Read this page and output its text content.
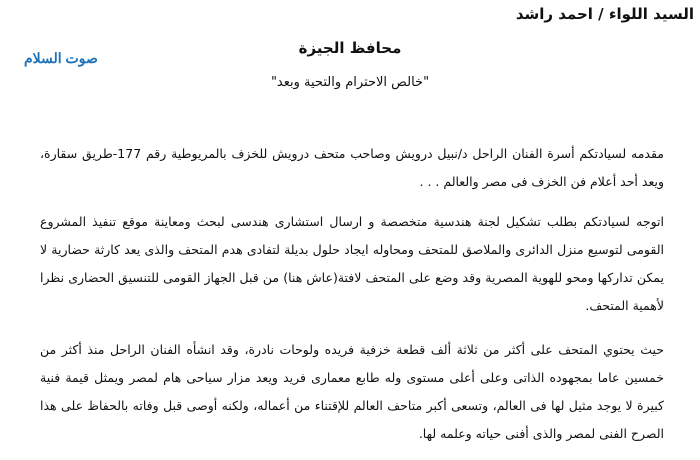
السيد اللواء / احمد راشد
صوت السلام
محافظ الجيزة
"خالص الاحترام والتحية وبعد"

مقدمه لسيادتكم أسرة الفنان الراحل د/نبيل درويش وصاحب متحف درويش للخزف بالمريوطية رقم 177-طريق سقارة، ويعد أحد أعلام فن الخزف فى مصر والعالم . . .

اتوجه لسيادتكم بطلب تشكيل لجنة هندسية متخصصة و ارسال استشارى هندسى لبحث ومعاينة موقع تنفيذ المشروع القومى لتوسيع منزل الدائرى والملاصق للمتحف ومحاوله ايجاد حلول بديلة لتفادى هدم المتحف والذى يعد كارثة حضارية لا يمكن تداركها ومحو للهوية المصرية وقد وضع على المتحف لافتة(عاش هنا) من قبل الجهاز القومى للتنسيق الحضارى نظرا لأهمية المتحف.

حيث يحتوي المتحف على أكثر من ثلاثة ألف قطعة خزفية فريده ولوحات نادرة، وقد انشأه الفنان الراحل منذ أكثر من خمسين عاما بمجهوده الذاتى وعلى أعلى مستوى وله طابع معمارى فريد ويعد مزار سياحى هام لمصر ويمثل قيمة فنية كبيرة لا يوجد مثيل لها فى العالم، وتسعى أكبر متاحف العالم للإقتناء من أعماله، ولكنه أوصى قبل وفاته بالحفاظ على هذا الصرح الفنى لمصر والذى أفنى حياته وعلمه لها.
